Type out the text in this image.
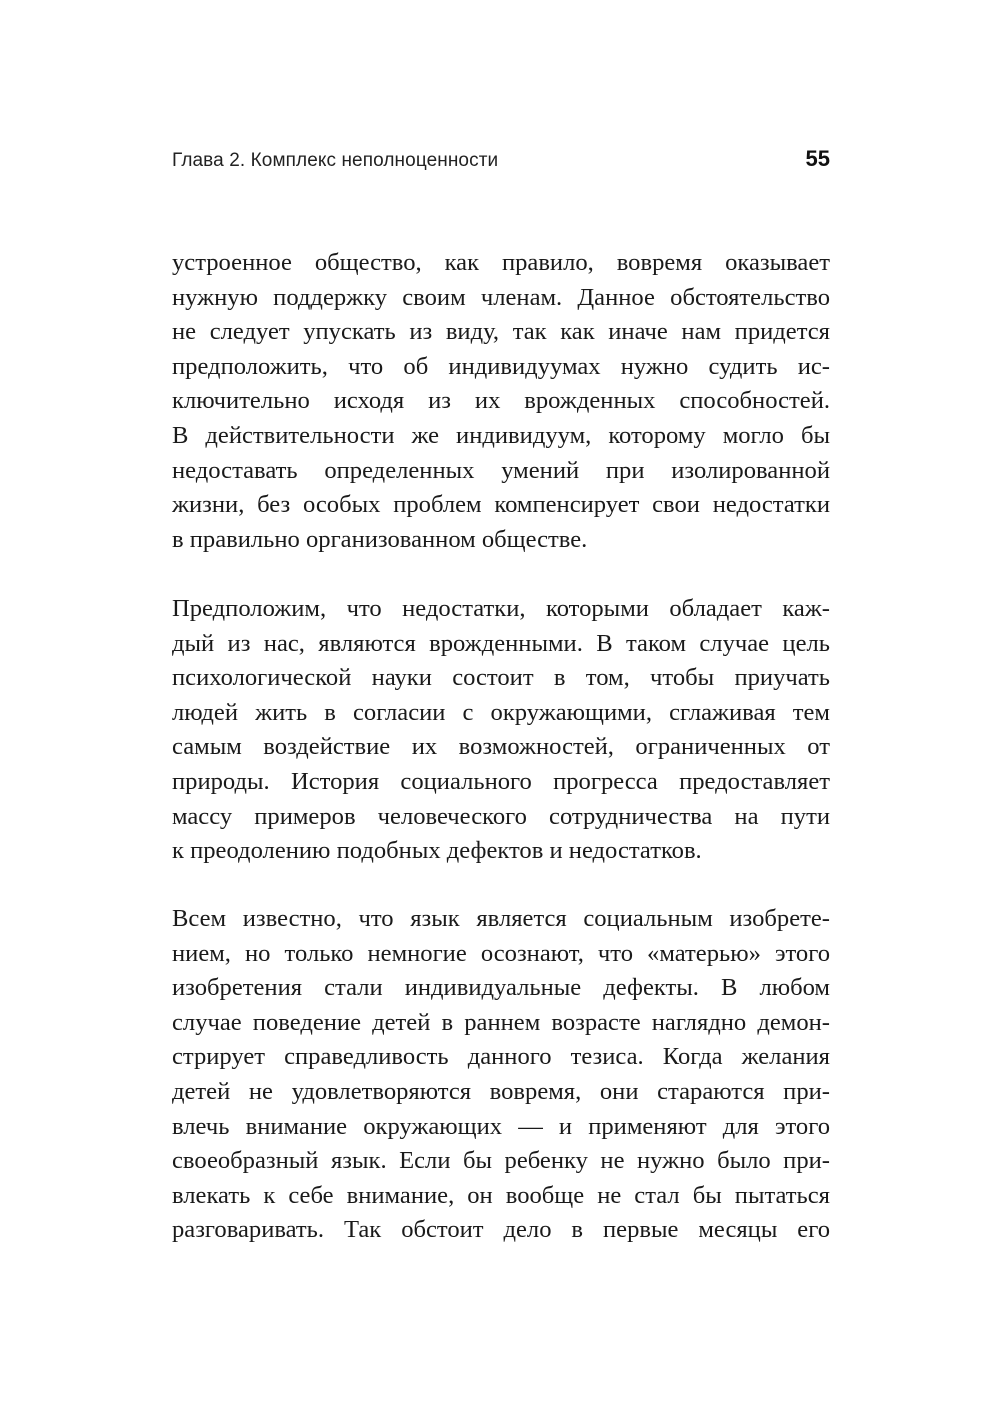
Глава 2. Комплекс неполноценности	55
устроенное общество, как правило, вовремя оказывает
нужную поддержку своим членам. Данное обстоятельство
не следует упускать из виду, так как иначе нам придется
предположить, что об индивидуумах нужно судить ис-
ключительно исходя из их врожденных способностей.
В действительности же индивидуум, которому могло бы
недоставать определенных умений при изолированной
жизни, без особых проблем компенсирует свои недостатки
в правильно организованном обществе.
Предположим, что недостатки, которыми обладает каж-
дый из нас, являются врожденными. В таком случае цель
психологической науки состоит в том, чтобы приучать
людей жить в согласии с окружающими, сглаживая тем
самым воздействие их возможностей, ограниченных от
природы. История социального прогресса предоставляет
массу примеров человеческого сотрудничества на пути
к преодолению подобных дефектов и недостатков.
Всем известно, что язык является социальным изобрете-
нием, но только немногие осознают, что «матерью» этого
изобретения стали индивидуальные дефекты. В любом
случае поведение детей в раннем возрасте наглядно демон-
стрирует справедливость данного тезиса. Когда желания
детей не удовлетворяются вовремя, они стараются при-
влечь внимание окружающих — и применяют для этого
своеобразный язык. Если бы ребенку не нужно было при-
влекать к себе внимание, он вообще не стал бы пытаться
разговаривать. Так обстоит дело в первые месяцы его
